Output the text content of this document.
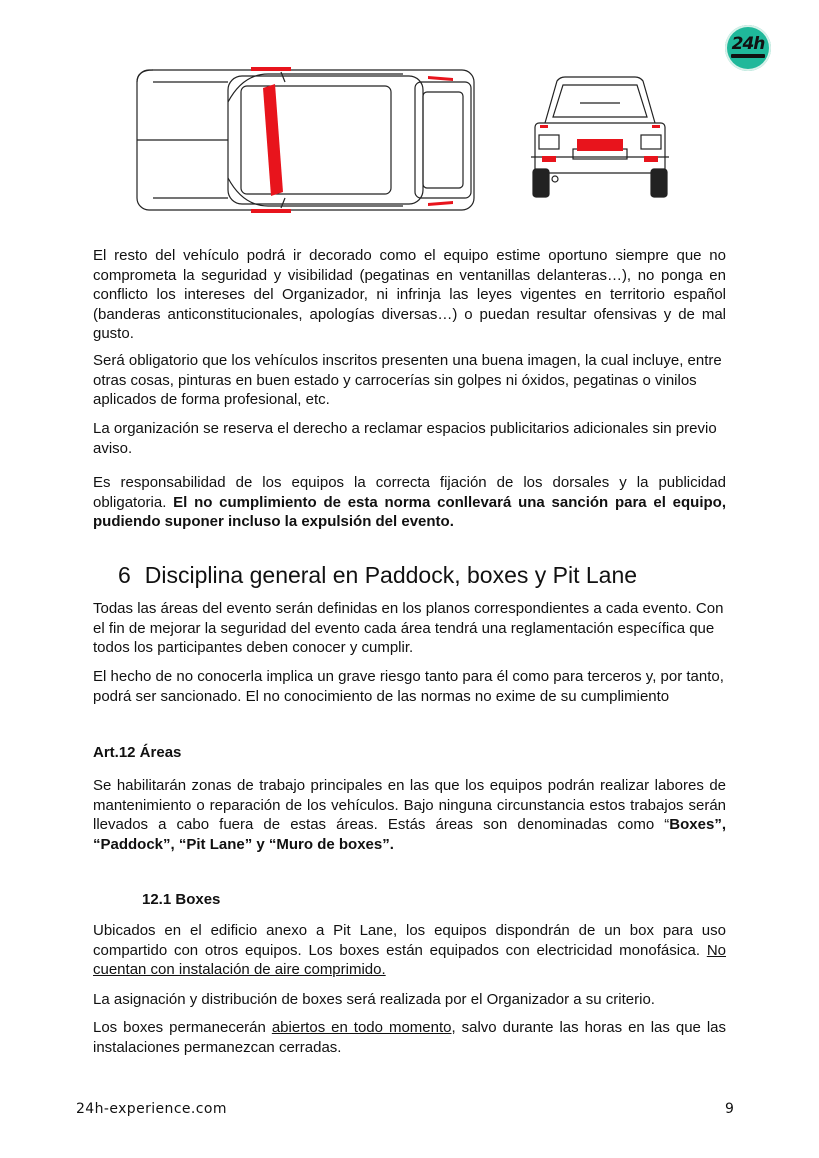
24h

El resto del vehículo podrá ir decorado como el equipo estime oportuno siempre que no comprometa la seguridad y visibilidad (pegatinas en ventanillas delanteras…), no ponga en conflicto los intereses del Organizador, ni infrinja las leyes vigentes en territorio español (banderas anticonstitucionales, apologías diversas…) o puedan resultar ofensivas y de mal gusto.

Será obligatorio que los vehículos inscritos presenten una buena imagen, la cual incluye, entre otras cosas, pinturas en buen estado y carrocerías sin golpes ni óxidos, pegatinas o vinilos aplicados de forma profesional, etc.

La organización se reserva el derecho a reclamar espacios publicitarios adicionales sin previo aviso.

Es responsabilidad de los equipos la correcta fijación de los dorsales y la publicidad obligatoria. El no cumplimiento de esta norma conllevará una sanción para el equipo, pudiendo suponer incluso la expulsión del evento.

6 Disciplina general en Paddock, boxes y Pit Lane

Todas las áreas del evento serán definidas en los planos correspondientes a cada evento. Con el fin de mejorar la seguridad del evento cada área tendrá una reglamentación específica que todos los participantes deben conocer y cumplir.

El hecho de no conocerla implica un grave riesgo tanto para él como para terceros y, por tanto, podrá ser sancionado. El no conocimiento de las normas no exime de su cumplimiento

Art.12 Áreas

Se habilitarán zonas de trabajo principales en las que los equipos podrán realizar labores de mantenimiento o reparación de los vehículos. Bajo ninguna circunstancia estos trabajos serán llevados a cabo fuera de estas áreas. Estás áreas son denominadas como “Boxes”, “Paddock”, “Pit Lane” y “Muro de boxes”.

12.1 Boxes

Ubicados en el edificio anexo a Pit Lane, los equipos dispondrán de un box para uso compartido con otros equipos. Los boxes están equipados con electricidad monofásica. No cuentan con instalación de aire comprimido.

La asignación y distribución de boxes será realizada por el Organizador a su criterio.

Los boxes permanecerán abiertos en todo momento, salvo durante las horas en las que las instalaciones permanezcan cerradas.

24h-experience.com	9
